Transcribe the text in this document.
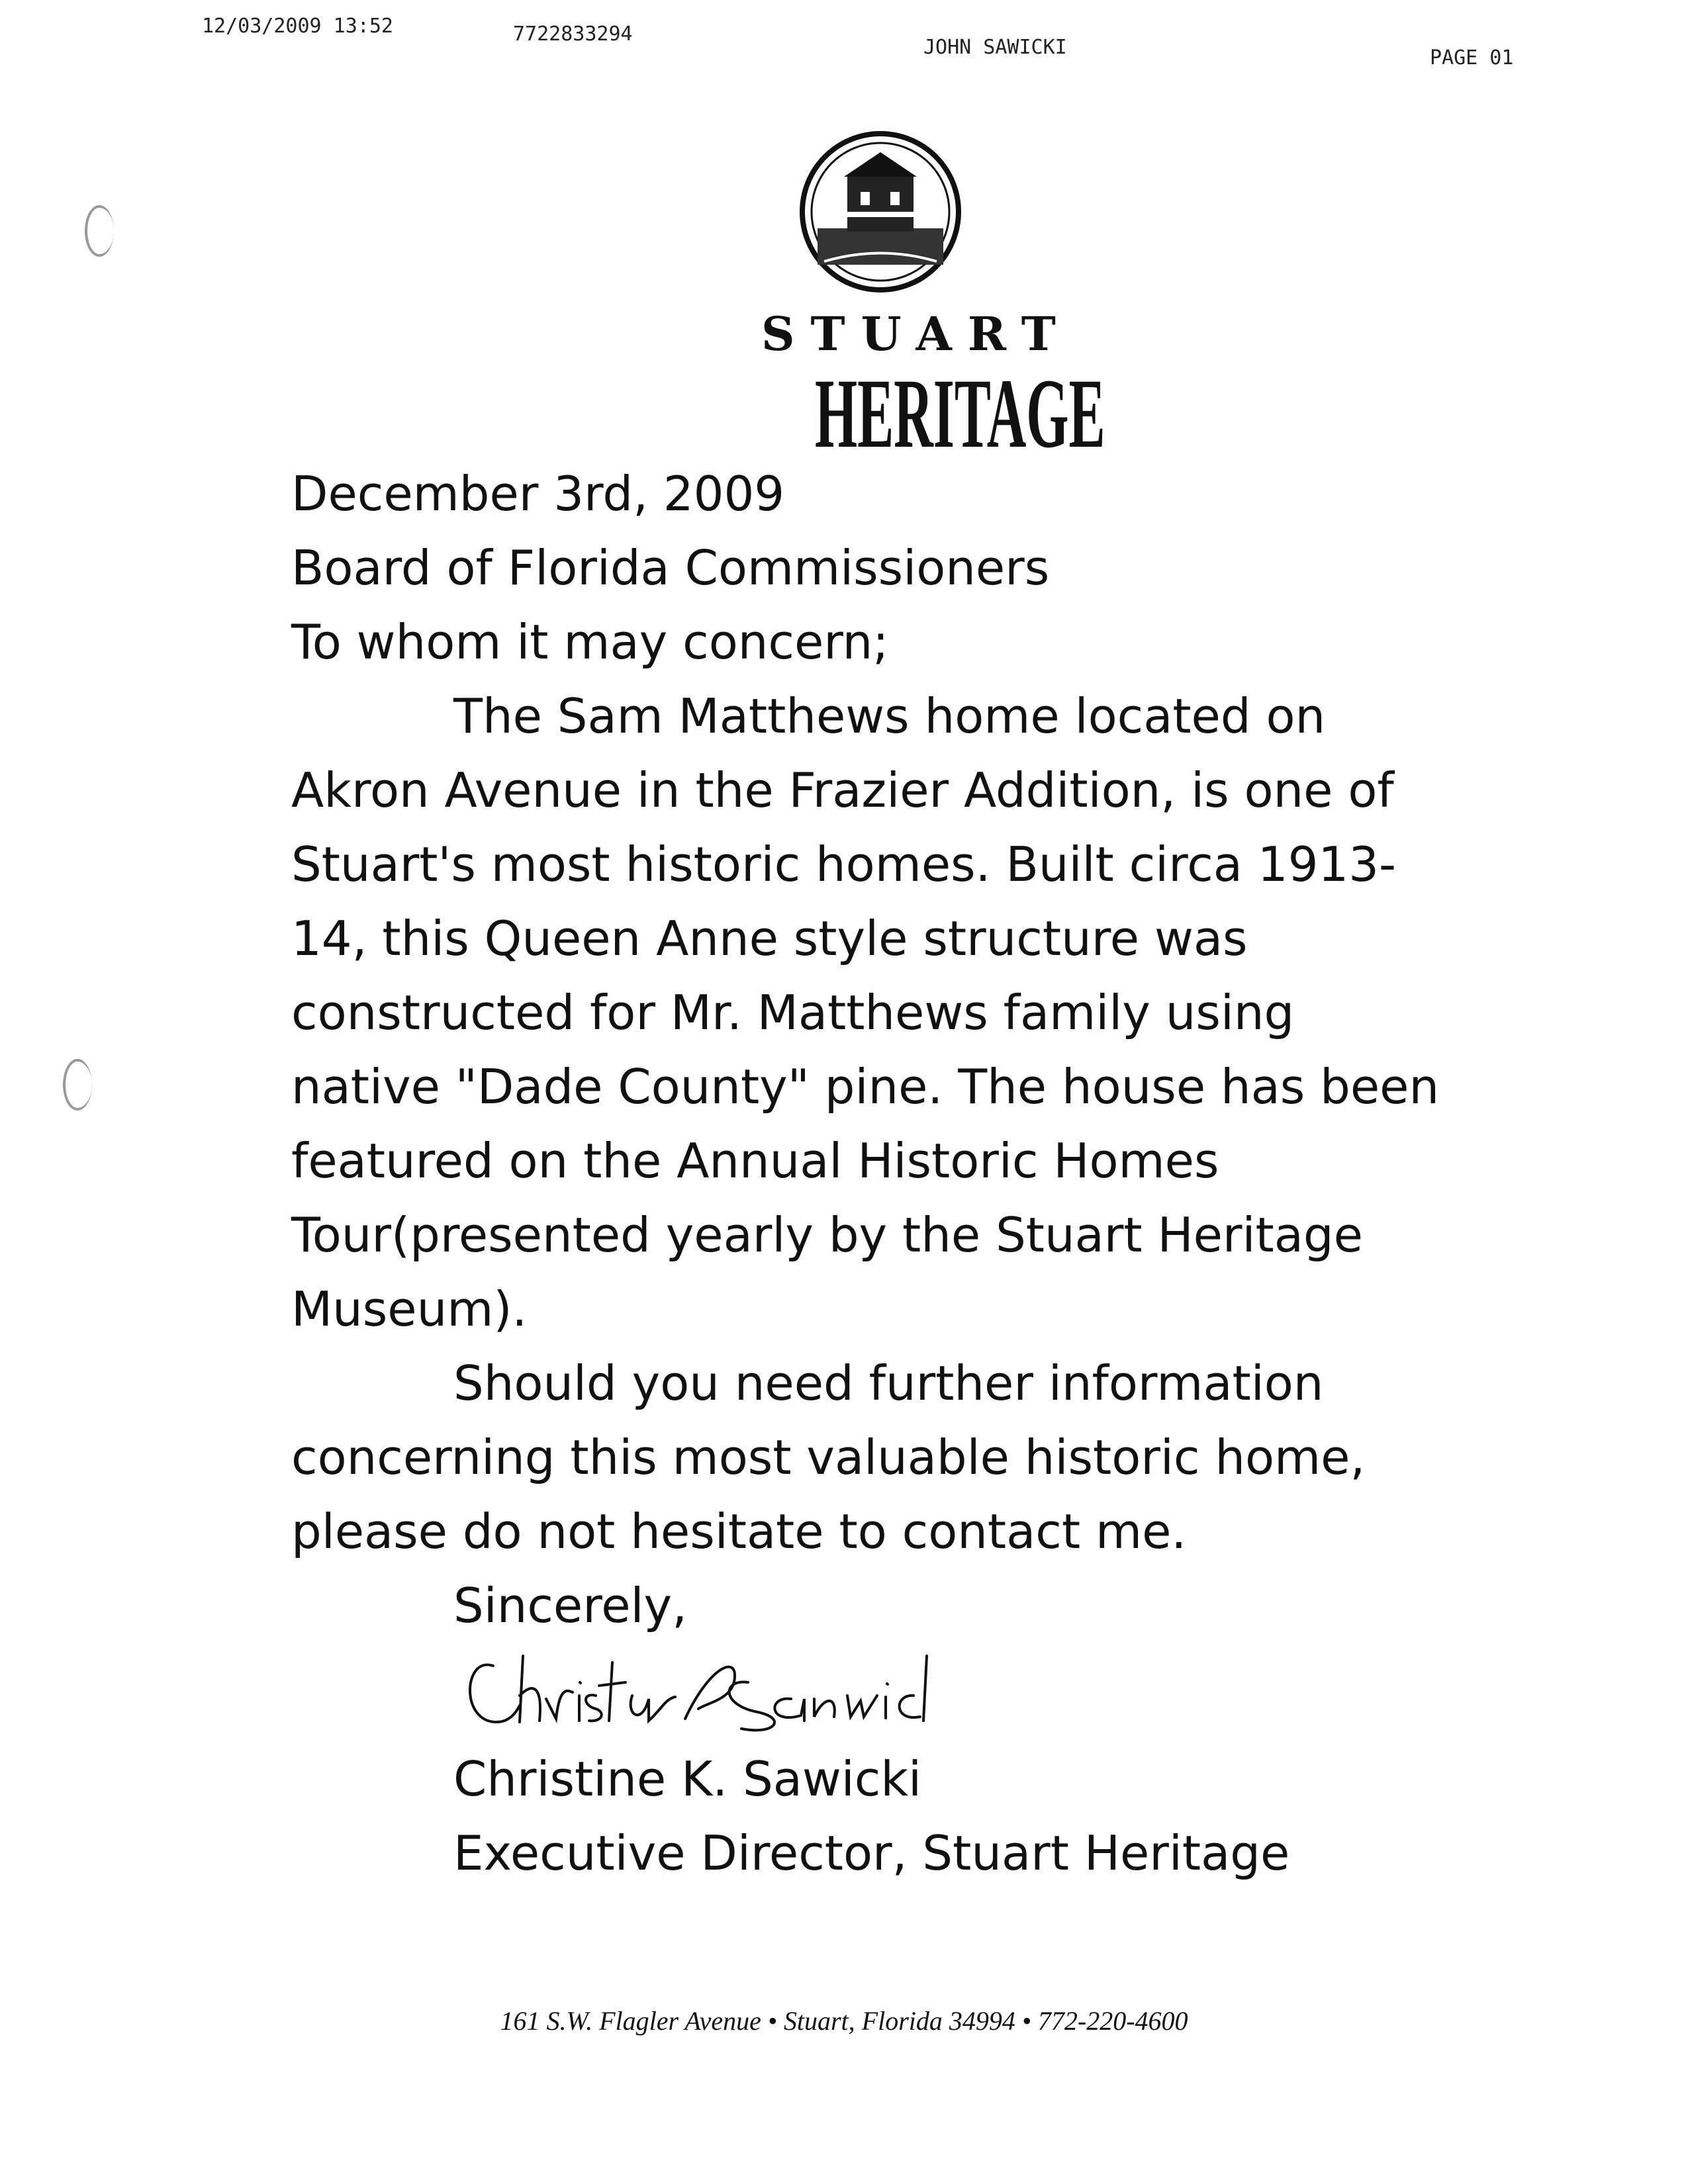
12/03/2009 13:52	7722833294
JOHN SAWICKI	PAGE 01
STUART
HERITAGE

December 3rd, 2009

Board of Florida Commissioners

To whom it may concern;

The Sam Matthews home located on Akron Avenue in the Frazier Addition, is one of Stuart's most historic homes. Built circa 1913-14, this Queen Anne style structure was constructed for Mr. Matthews family using native "Dade County" pine. The house has been featured on the Annual Historic Homes Tour(presented yearly by the Stuart Heritage Museum).

Should you need further information concerning this most valuable historic home, please do not hesitate to contact me.

Sincerely,

Christine K. Sawicki

Executive Director, Stuart Heritage

161 S.W. Flagler Avenue • Stuart, Florida 34994 • 772-220-4600
